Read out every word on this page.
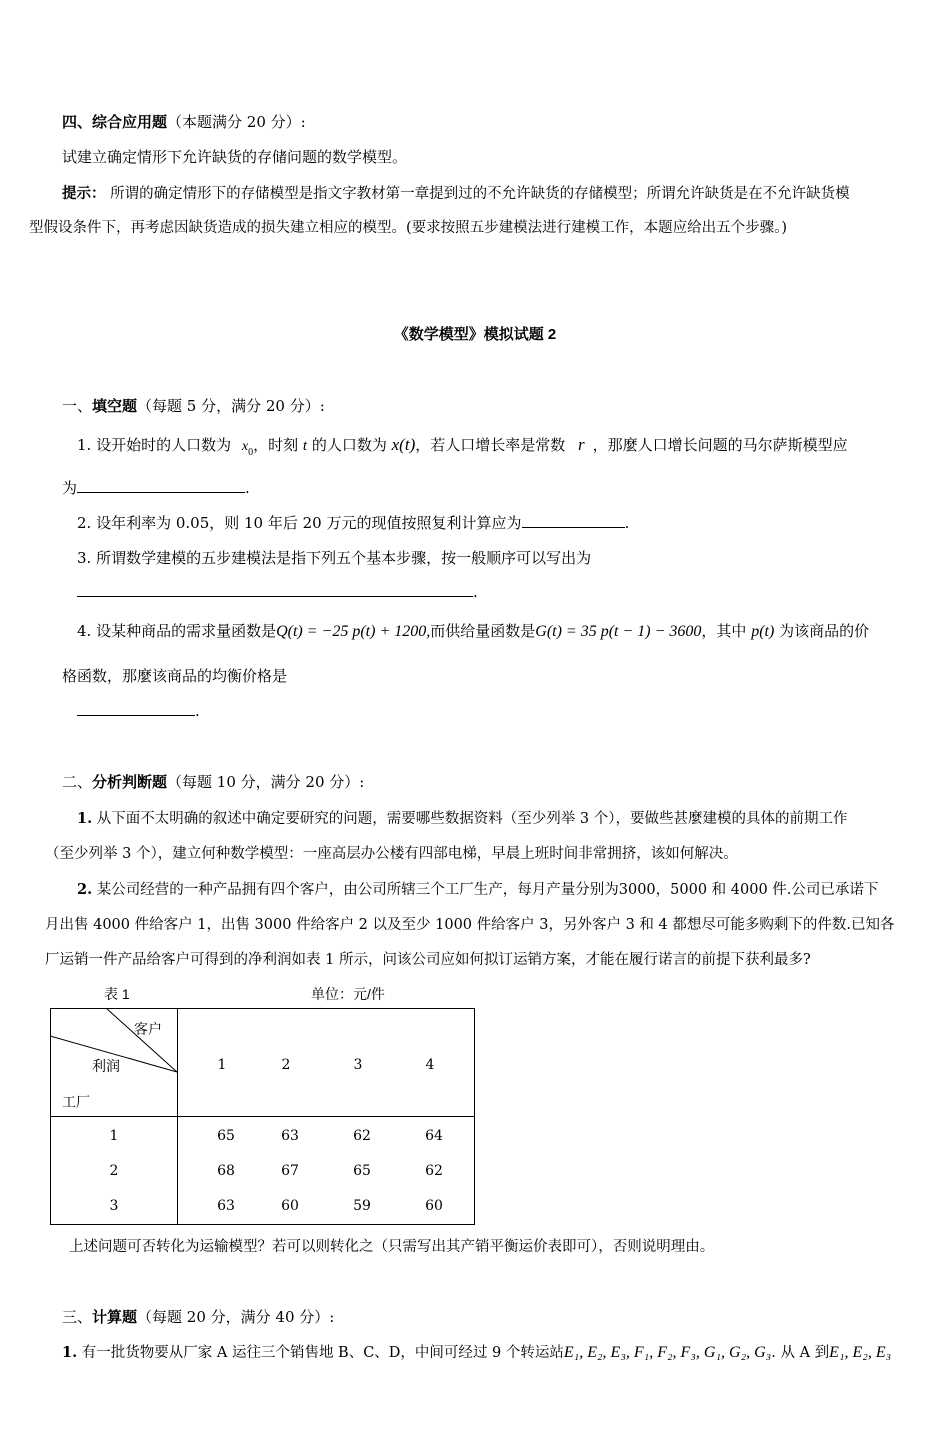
四、综合应用题（本题满分 20 分）:
试建立确定情形下允许缺货的存储问题的数学模型。
提示： 所谓的确定情形下的存储模型是指文字教材第一章提到过的不允许缺货的存储模型；所谓允许缺货是在不允许缺货模
型假设条件下，再考虑因缺货造成的损失建立相应的模型。(要求按照五步建模法进行建模工作，本题应给出五个步骤。)
《数学模型》模拟试题 2
一、填空题（每题 5 分，满分 20 分）:
1. 设开始时的人口数为 $x_0$，时刻 t 的人口数为 x(t)，若人口增长率是常数 r ，那麼人口增长问题的马尔萨斯模型应
为	.
2. 设年利率为 0.05，则 10 年后 20 万元的现值按照复利计算应为	.
3. 所谓数学建模的五步建模法是指下列五个基本步骤，按一般顺序可以写出为
.
4. 设某种商品的需求量函数是Q(t) = −25 p(t) + 1200,而供给量函数是G(t) = 35 p(t − 1) − 3600，其中 p(t) 为该商品的价
格函数，那麼该商品的均衡价格是
.
二、分析判断题（每题 10 分，满分 20 分）:
1. 从下面不太明确的叙述中确定要研究的问题，需要哪些数据资料（至少列举 3 个），要做些甚麼建模的具体的前期工作
（至少列举 3 个），建立何种数学模型：一座高层办公楼有四部电梯，早晨上班时间非常拥挤，该如何解决。
2. 某公司经营的一种产品拥有四个客户，由公司所辖三个工厂生产，每月产量分别为3000，5000 和 4000 件.公司已承诺下
月出售 4000 件给客户 1，出售 3000 件给客户 2 以及至少 1000 件给客户 3，另外客户 3 和 4 都想尽可能多购剩下的件数.已知各
厂运销一件产品给客户可得到的净利润如表 1 所示，问该公司应如何拟订运销方案，才能在履行诺言的前提下获利最多?
表 1	单位：元/件
客户
利润
工厂
1	2	3	4
1	65	63	62	64
2	68	67	65	62
3	63	60	59	60
上述问题可否转化为运输模型？若可以则转化之（只需写出其产销平衡运价表即可），否则说明理由。
三、计算题（每题 20 分，满分 40 分）:
1. 有一批货物要从厂家 A 运往三个销售地 B、C、D，中间可经过 9 个转运站E₁, E₂, E₃, F₁, F₂, F₃, G₁, G₂, G₃. 从 A 到E₁, E₂, E₃
